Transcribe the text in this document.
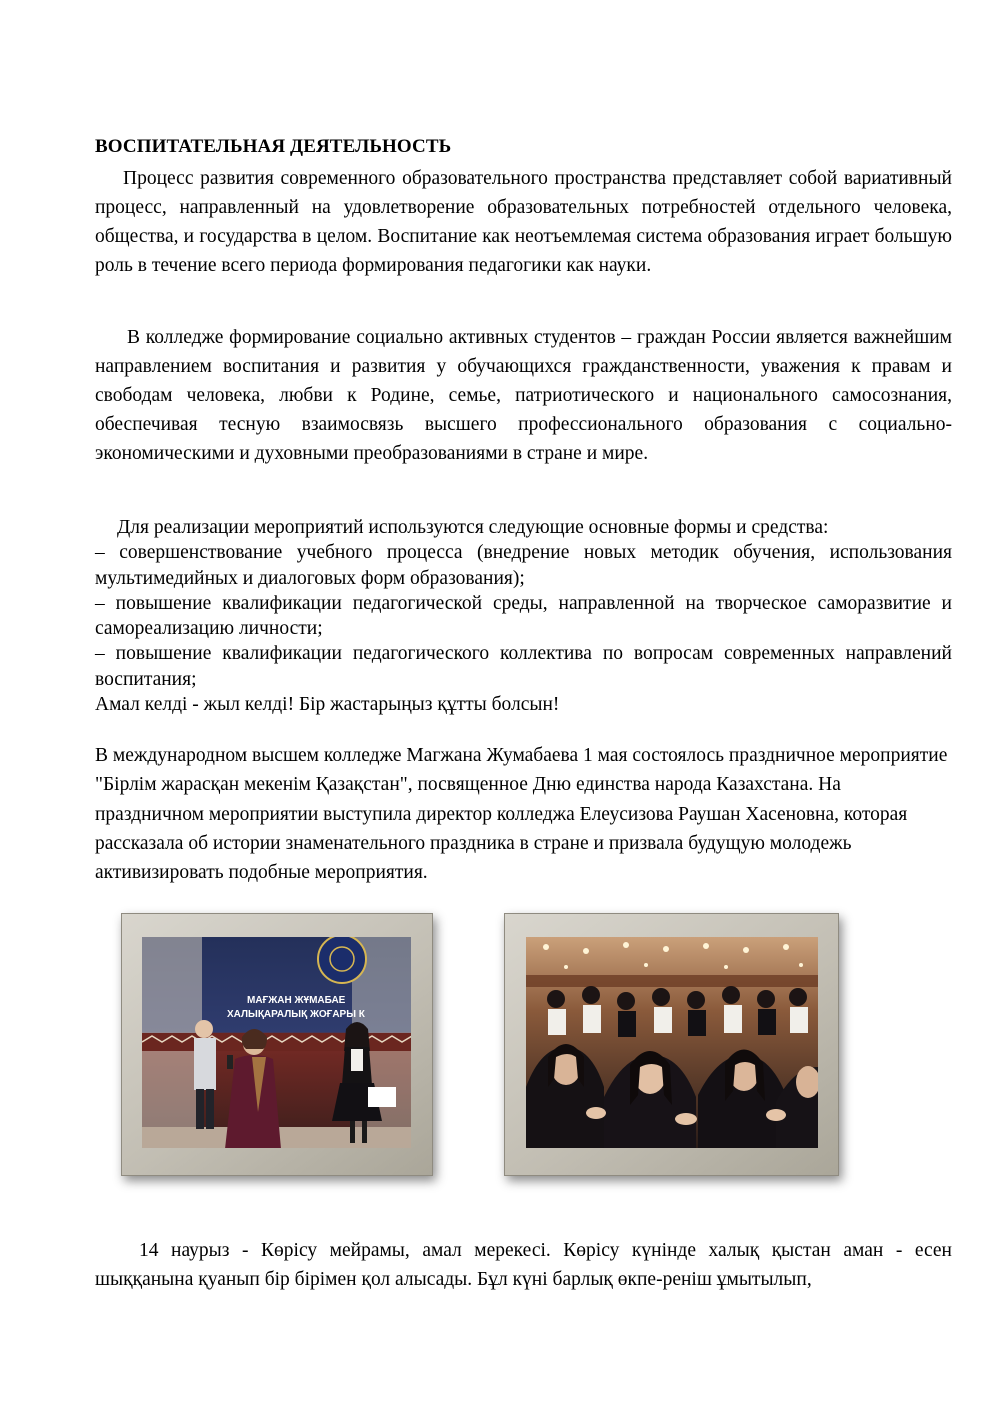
ВОСПИТАТЕЛЬНАЯ ДЕЯТЕЛЬНОСТЬ

Процесс развития современного образовательного пространства представляет собой вариативный процесс, направленный на удовлетворение образовательных потребностей отдельного человека, общества, и государства в целом. Воспитание как неотъемлемая система образования играет большую роль в течение всего периода формирования педагогики как науки.

В колледже формирование социально активных студентов – граждан России является важнейшим направлением воспитания и развития у обучающихся гражданственности, уважения к правам и свободам человека, любви к Родине, семье, патриотического и национального самосознания, обеспечивая тесную взаимосвязь высшего профессионального образования с социально-экономическими и духовными преобразованиями в стране и мире.

Для реализации мероприятий используются следующие основные формы и средства:
– совершенствование учебного процесса (внедрение новых методик обучения, использования мультимедийных и диалоговых форм образования);
– повышение квалификации педагогической среды, направленной на творческое саморазвитие и самореализацию личности;
– повышение квалификации педагогического коллектива по вопросам современных направлений воспитания;
Амал келді - жыл келді! Бір жастарыңыз құтты болсын!

В международном высшем колледже Магжана Жумабаева 1 мая состоялось праздничное мероприятие "Бірлім жарасқан мекенім Қазақстан", посвященное Дню единства народа Казахстана. На праздничном мероприятии выступила директор колледжа Елеусизова Раушан Хасеновна, которая рассказала об истории знаменательного праздника в стране и призвала будущую молодежь активизировать подобные мероприятия.

МАҒЖАН ЖҰМАБАЕ
ХАЛЫҚАРАЛЫҚ ЖОҒАРЫ К

14 наурыз - Көрісу мейрамы, амал мерекесі. Көрісу күнінде халық қыстан аман - есен шыққанына қуанып бір бірімен қол алысады. Бұл күні барлық өкпе-реніш ұмытылып,
